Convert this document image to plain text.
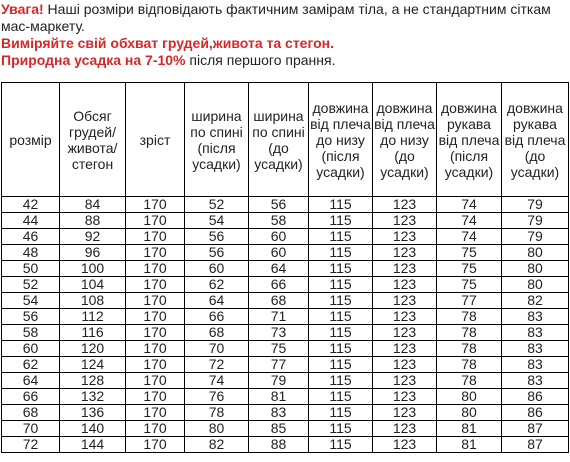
Увага! Наші розміри відповідають фактичним замірам тіла, а не стандартним сіткам
мас-маркету.
Виміряйте свій обхват грудей,живота та стегон.
Природна усадка на 7-10% після першого прання.
розмір	Обсяг грудей/ живота/ стегон	зріст	ширина по спині (після усадки)	ширина по спині (до усадки)	довжина від плеча до низу (після усадки)	довжина від плеча до низу (до усадки)	довжина рукава від плеча (після усадки)	довжина рукава від плеча (до усадки)
42	84	170	52	56	115	123	74	79
44	88	170	54	58	115	123	74	79
46	92	170	56	60	115	123	74	79
48	96	170	56	60	115	123	75	80
50	100	170	60	64	115	123	75	80
52	104	170	62	66	115	123	75	80
54	108	170	64	68	115	123	77	82
56	112	170	66	71	115	123	78	83
58	116	170	68	73	115	123	78	83
60	120	170	70	75	115	123	78	83
62	124	170	72	77	115	123	78	83
64	128	170	74	79	115	123	78	83
66	132	170	76	81	115	123	80	86
68	136	170	78	83	115	123	80	86
70	140	170	80	85	115	123	81	87
72	144	170	82	88	115	123	81	87
